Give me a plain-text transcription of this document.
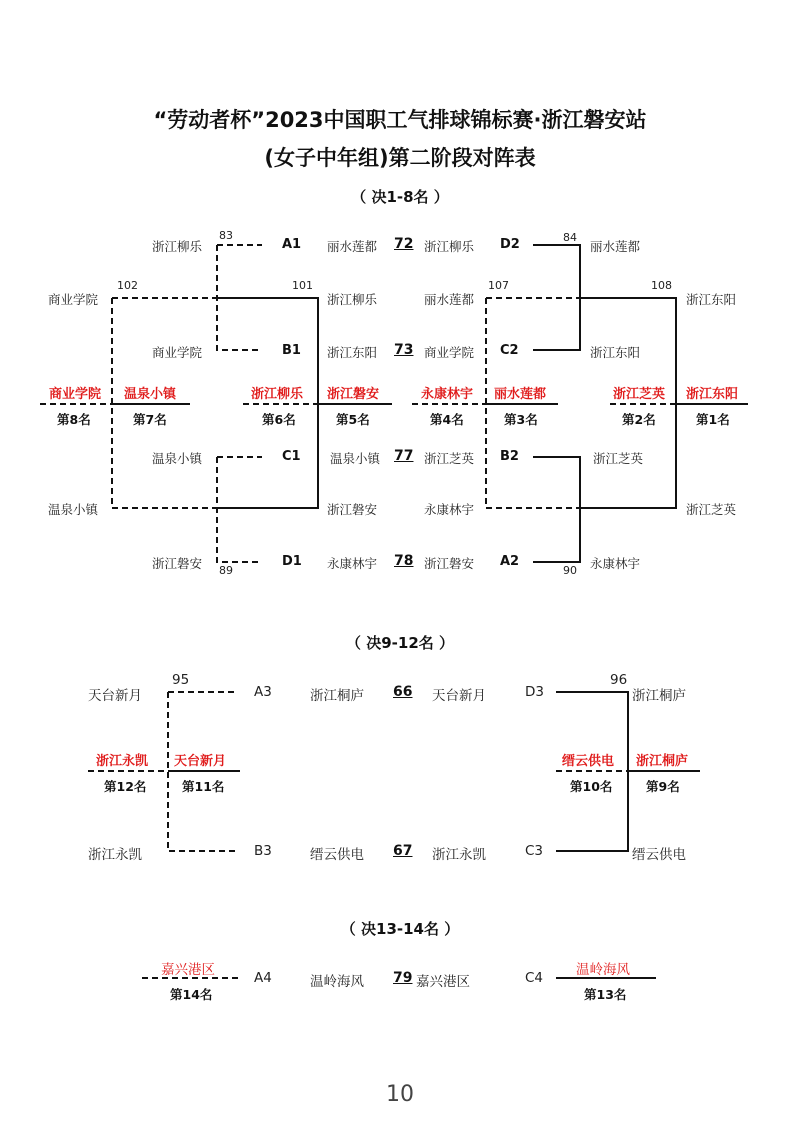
“劳动者杯”2023中国职工气排球锦标赛·浙江磐安站
(女子中年组)第二阶段对阵表
（ 决1-8名 ）
（ 决9-12名 ）
（ 决13-14名 ）
浙江柳乐
83
商业学院
温泉小镇
浙江磐安 89
商业学院
102
温泉小镇
101
浙江柳乐
浙江磐安
A1 丽水莲都 72 浙江柳乐 D2
B1 浙江东阳 73 商业学院 C2
C1 温泉小镇 77 浙江芝英 B2
D1 永康林宇 78 浙江磐安 A2
84
丽水莲都
浙江东阳
浙江芝英
永康林宇
90
丽水莲都
107
永康林宇
108
浙江东阳
浙江芝英
商业学院
第8名
温泉小镇
第7名
浙江柳乐
第6名
浙江磐安
第5名
永康林宇
第4名
丽水莲都
第3名
浙江芝英
第2名
浙江东阳
第1名
天台新月
浙江永凯
95
A3
B3
浙江桐庐 66 天台新月	D3
缙云供电 67 浙江永凯	C3
96
浙江桐庐
缙云供电
浙江永凯
第12名
天台新月
第11名
缙云供电
第10名
浙江桐庐
第9名
嘉兴港区
第14名
A4	温岭海风 79 嘉兴港区	C4 温岭海风
第13名
10
